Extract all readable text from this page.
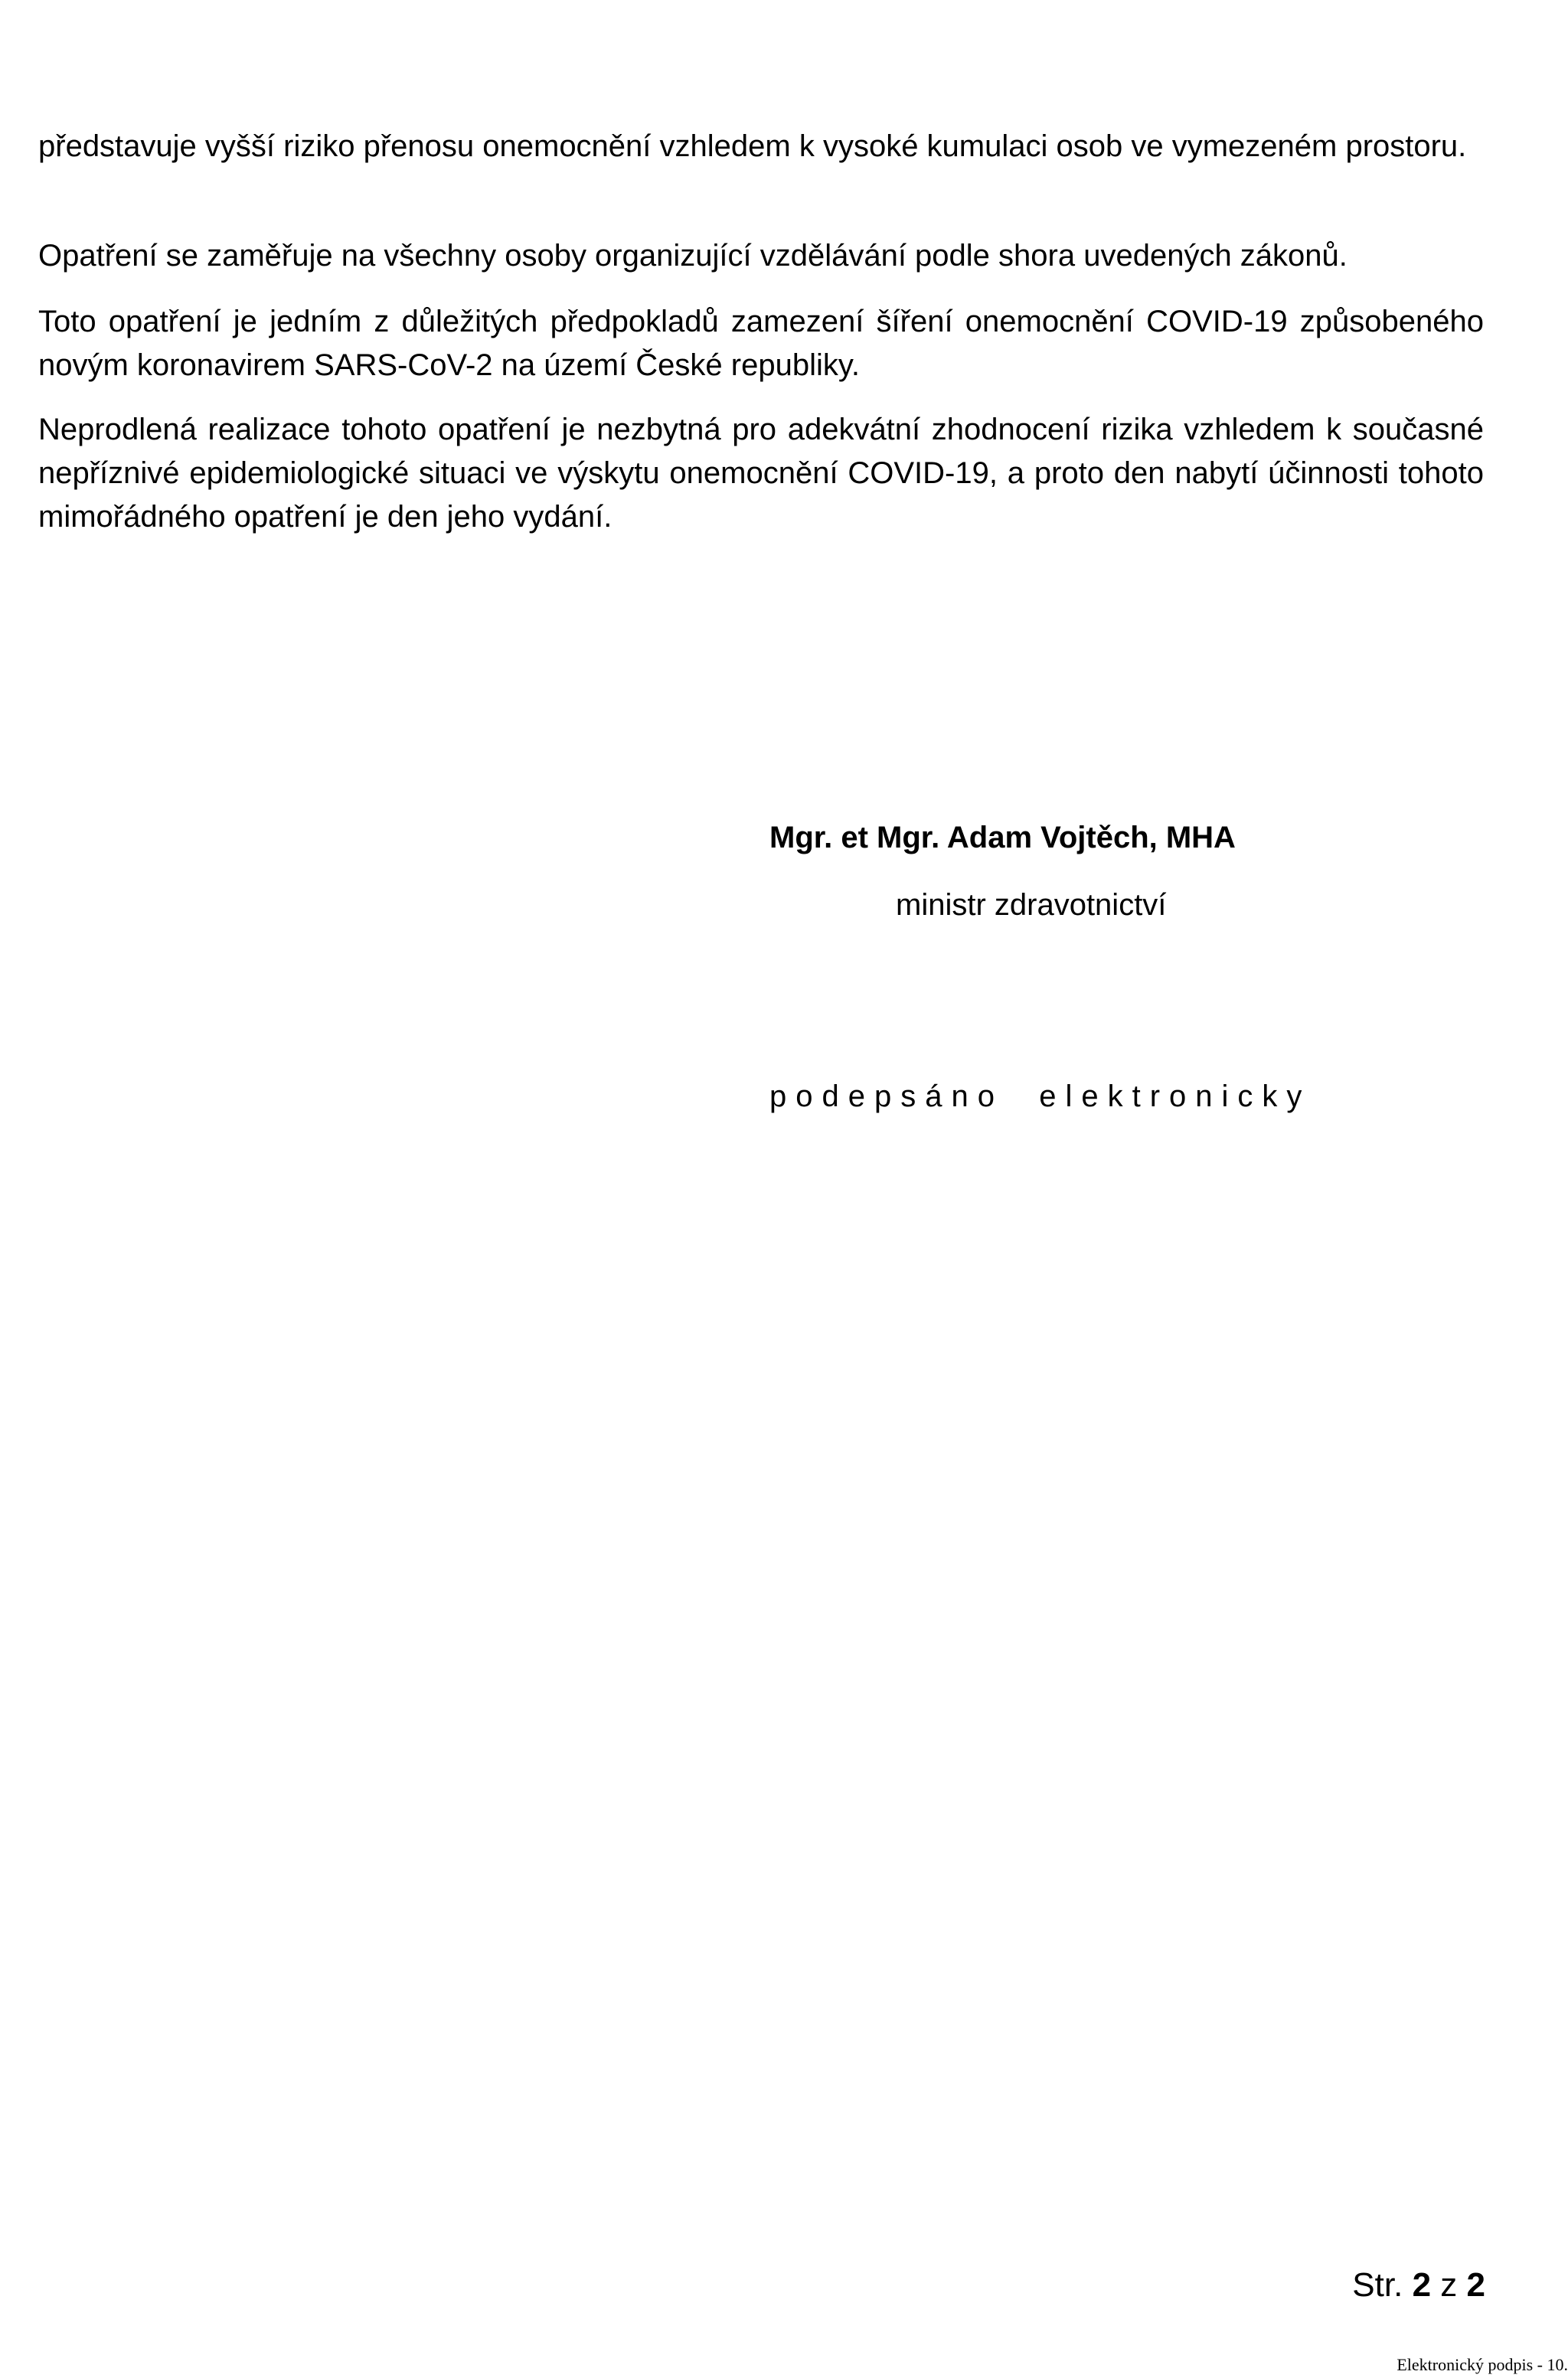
představuje vyšší riziko přenosu onemocnění vzhledem k vysoké kumulaci osob ve vymezeném prostoru.

Opatření se zaměřuje na všechny osoby organizující vzdělávání podle shora uvedených zákonů.

Toto opatření je jedním z důležitých předpokladů zamezení šíření onemocnění COVID-19 způsobeného novým koronavirem SARS-CoV-2 na území České republiky.

Neprodlená realizace tohoto opatření je nezbytná pro adekvátní zhodnocení rizika vzhledem k současné nepříznivé epidemiologické situaci ve výskytu onemocnění COVID-19, a proto den nabytí účinnosti tohoto mimořádného opatření je den jeho vydání.

Mgr. et Mgr. Adam Vojtěch, MHA

ministr zdravotnictví

podepsáno  elektronicky

Str. 2 z 2

Elektronický podpis - 10.
